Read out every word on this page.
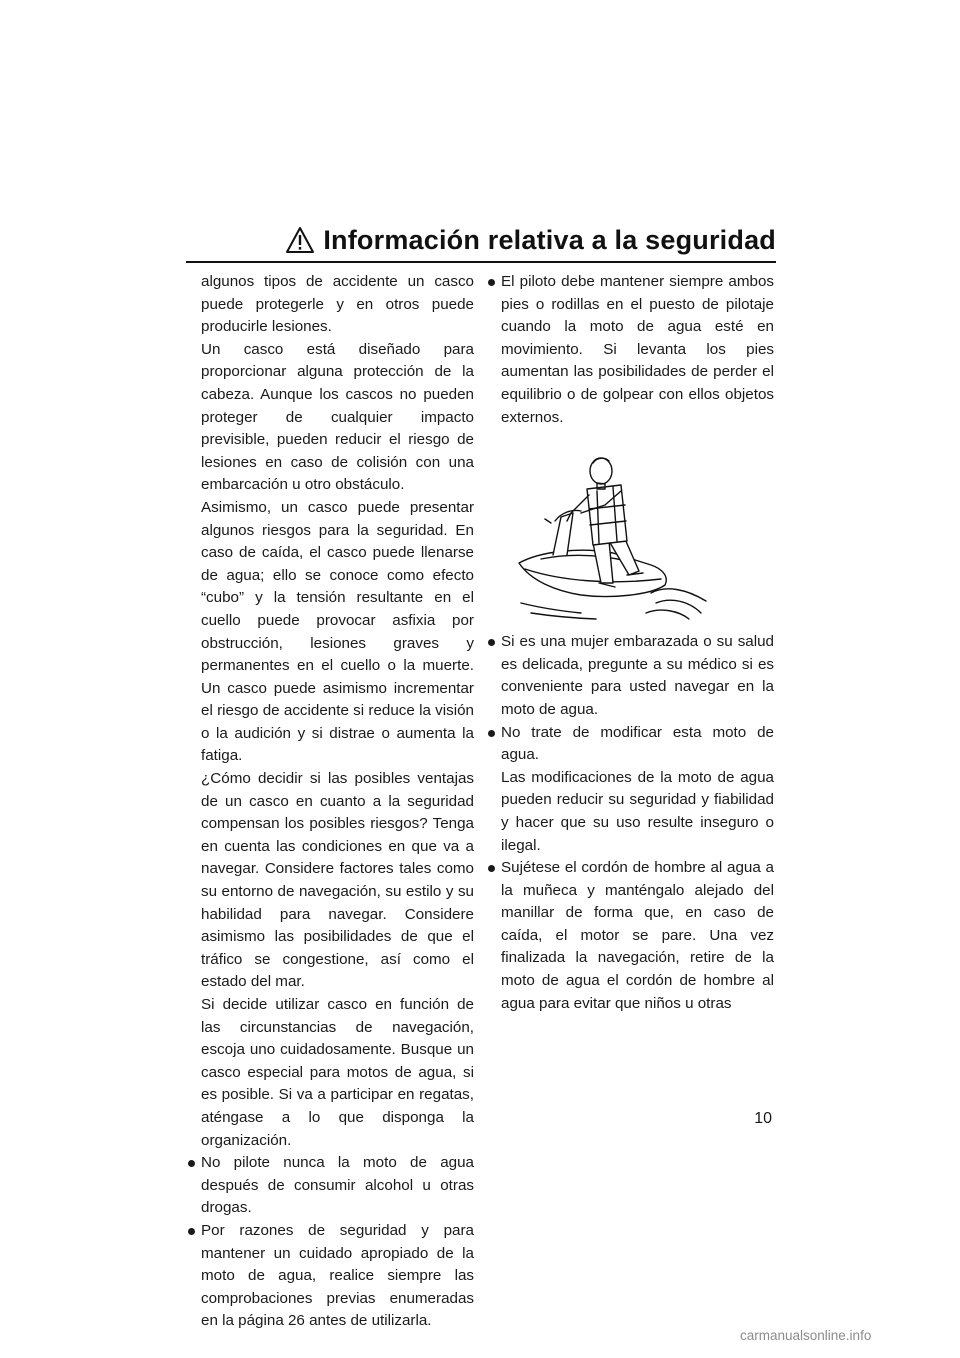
Información relativa a la seguridad

algunos tipos de accidente un casco puede protegerle y en otros puede producirle lesiones.

Un casco está diseñado para proporcionar alguna protección de la cabeza. Aunque los cascos no pueden proteger de cualquier impacto previsible, pueden reducir el riesgo de lesiones en caso de colisión con una embarcación u otro obstáculo.

Asimismo, un casco puede presentar algunos riesgos para la seguridad. En caso de caída, el casco puede llenarse de agua; ello se conoce como efecto “cubo” y la tensión resultante en el cuello puede provocar asfixia por obstrucción, lesiones graves y permanentes en el cuello o la muerte. Un casco puede asimismo incrementar el riesgo de accidente si reduce la visión o la audición y si distrae o aumenta la fatiga.

¿Cómo decidir si las posibles ventajas de un casco en cuanto a la seguridad compensan los posibles riesgos? Tenga en cuenta las condiciones en que va a navegar. Considere factores tales como su entorno de navegación, su estilo y su habilidad para navegar. Considere asimismo las posibilidades de que el tráfico se congestione, así como el estado del mar.

Si decide utilizar casco en función de las circunstancias de navegación, escoja uno cuidadosamente. Busque un casco especial para motos de agua, si es posible. Si va a participar en regatas, aténgase a lo que disponga la organización.

No pilote nunca la moto de agua después de consumir alcohol u otras drogas.

Por razones de seguridad y para mantener un cuidado apropiado de la moto de agua, realice siempre las comprobaciones previas enumeradas en la página 26 antes de utilizarla.

El piloto debe mantener siempre ambos pies o rodillas en el puesto de pilotaje cuando la moto de agua esté en movimiento. Si levanta los pies aumentan las posibilidades de perder el equilibrio o de golpear con ellos objetos externos.

Si es una mujer embarazada o su salud es delicada, pregunte a su médico si es conveniente para usted navegar en la moto de agua.

No trate de modificar esta moto de agua.

Las modificaciones de la moto de agua pueden reducir su seguridad y fiabilidad y hacer que su uso resulte inseguro o ilegal.

Sujétese el cordón de hombre al agua a la muñeca y manténgalo alejado del manillar de forma que, en caso de caída, el motor se pare. Una vez finalizada la navegación, retire de la moto de agua el cordón de hombre al agua para evitar que niños u otras

10
carmanualsonline.info
